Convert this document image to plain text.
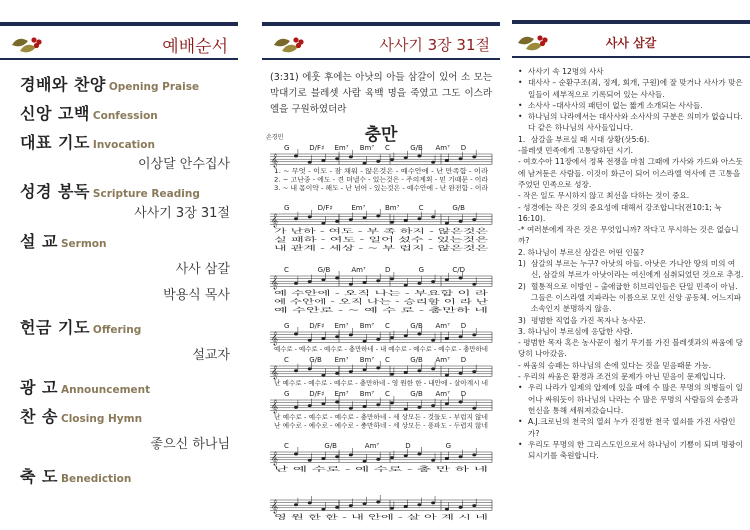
예배순서
경배와 찬양 Opening Praise
신앙 고백 Confession
대표 기도 Invocation
이상달 안수집사
성경 봉독 Scripture Reading
사사기 3장 31절
설 교 Sermon
사사 삼갈
박용식 목사
헌금 기도 Offering
설교자
광 고 Announcement
찬 송 Closing Hymn
좋으신 하나님
축 도 Benediction
사사기 3장 31절
(3:31) 에훗 후에는 아낫의 아들 삼갈이 있어 소 모는 막대기로 블레셋 사람 육백 명을 죽였고 그도 이스라엘을 구원하였더라
충만
손경민
G	D/F♯ Em⁷ Bm⁷ C	G/B Am⁷ D
𝄞
1. ~ 무엇 - 이도 - 잠 채워 - 않은것은 - 예수안에 - 난 만족함 - 이라
2. ~ 고난중 - 에도 - 견 뎌낼수 - 있는것은 - 주의계획 - 믿 기때문 - 이라
3. ~ 내 몸이약 - 해도 - 난 넘어 - 있는것은 - 예수안에 - 난 완전함 - 이라
G	D/F♯	Em⁷	Bm⁷	C	G/B
𝄞
가 난하 - 여도 - 부 족 하지 - 않은것은
실 패하 - 여도 - 일어 섰수 - 있는것은
내 관계 - 세상 - ~ 부 럽지 - 않은것은
C	G/B	Am⁷	D	G	C/D
𝄞
예 수안에 - 오직 나는 - 부요함 이 라
예 수안에 - 오직 나는 - 승리함 이 라 난
예 수안로 - ~ 예 수 로 - 충만하 네
G	D/F♯ Em⁷ Bm⁷ C	G/B Am⁷ D
𝄞
예수로 - 예수로 - 예수로 - 충만하네 - 내 예수로 - 예수로 - 예수로 - 충만하네
C	G/B Em⁷ Bm⁷ C	G/B Am⁷ D
𝄞
난 예수로 - 예수로 - 예수로 - 충만하네 - 영 원한 한 - 내안에 - 살아계시 네
G	D/F♯ Em⁷ Bm⁷ C	G/B Am⁷ D
𝄞
난 예수로 - 예수로 - 예수로 - 충만하네 - 세 상모든 - 것들도 - 부럽지 않네
난 예수로 - 예수로 - 예수로 - 충만하네 - 세 상모든 - 풍파도 - 두렵지 않네
C	G/B	Am⁷	D	G
𝄞
난 예 수로 - 예 수로 - 충 만 하 네
𝄞
영 원 한 한 - 내 안에 - 살 아 계 시 네
사사 삼갈
• 사사기 속 12명의 사사
• 대사사 – 순환구조(죄, 징계, 회개, 구원)에 잘 맞거나 사사가 맞은 일들이 세부적으로 기록되어 있는 사사들.
• 소사사 –대사사의 패턴이 없는 짧게 소개되는 사사들.
• 하나님의 나라에서는 대사사와 소사사의 구분은 의미가 없습니다. 다 같은 하나님의 사사들입니다.
1. 삼갈을 부르실 때 시대 상황(삿5:6).
-블레셋 민족에게 고통당하던 시기.
- 여호수아 11장에서 정복 전쟁을 마침 그때에 가사와 가드와 아스돗에 남겨둔은 사람들. 이것이 화근이 되어 이스라엘 역사에 큰 고통을 주었던 민족으로 성장.
- 작은 일도 무시하지 않고 최선을 다하는 것이 중요.
- 성경에는 작은 것의 중요성에 대해서 강조합니다(전10:1; 눅16:10).
-* 여러분에게 작은 것은 무엇입니까? 작다고 무시하는 것은 없습니까?
2. 하나님이 부르신 삼갈은 어떤 인물?
1) 삼갈의 부르는 누구? 아낫의 아들. 아낫은 가나안 땅의 미의 여신, 삼갈의 부르가 아낫이라는 여신에게 심취되었던 것으로 추정.
2) 혈통적으로 이방인 – 출애굽한 히브리인들은 단일 민족이 아님. 그들은 이스라엘 지파라는 이름으로 모인 신앙 공동체. 어느지파 소속인지 분명하지 않음.
3) 평범한 직업을 가진 목자나 농사꾼.
3. 하나님이 부르심에 응답한 사람.
- 평범한 목자 혹은 농사꾼이 철기 무기를 가진 블레셋과의 싸움에 당당히 나아갔음.
- 싸움의 승패는 하나님의 손에 있다는 것을 믿음때문 가능.
- 우리의 싸움은 환경과 조건의 문제가 아닌 믿음이 문제입니다.
• 우리 나라가 일제의 압제에 있을 때에 수 많은 무명의 의병들이 일어나 싸워듯이 하나님의 나라는 수 많은 무명의 사람들의 순종과 헌신을 통해 세워져갔습니다.
• A.J.크로닌의 천국의 열쇠 누가 진정한 천국 열쇠를 가진 사람인가?
• 우리도 무명의 한 그리스도인으로서 하나님이 기쁨이 되며 명광이 되시기를 축원합니다.
